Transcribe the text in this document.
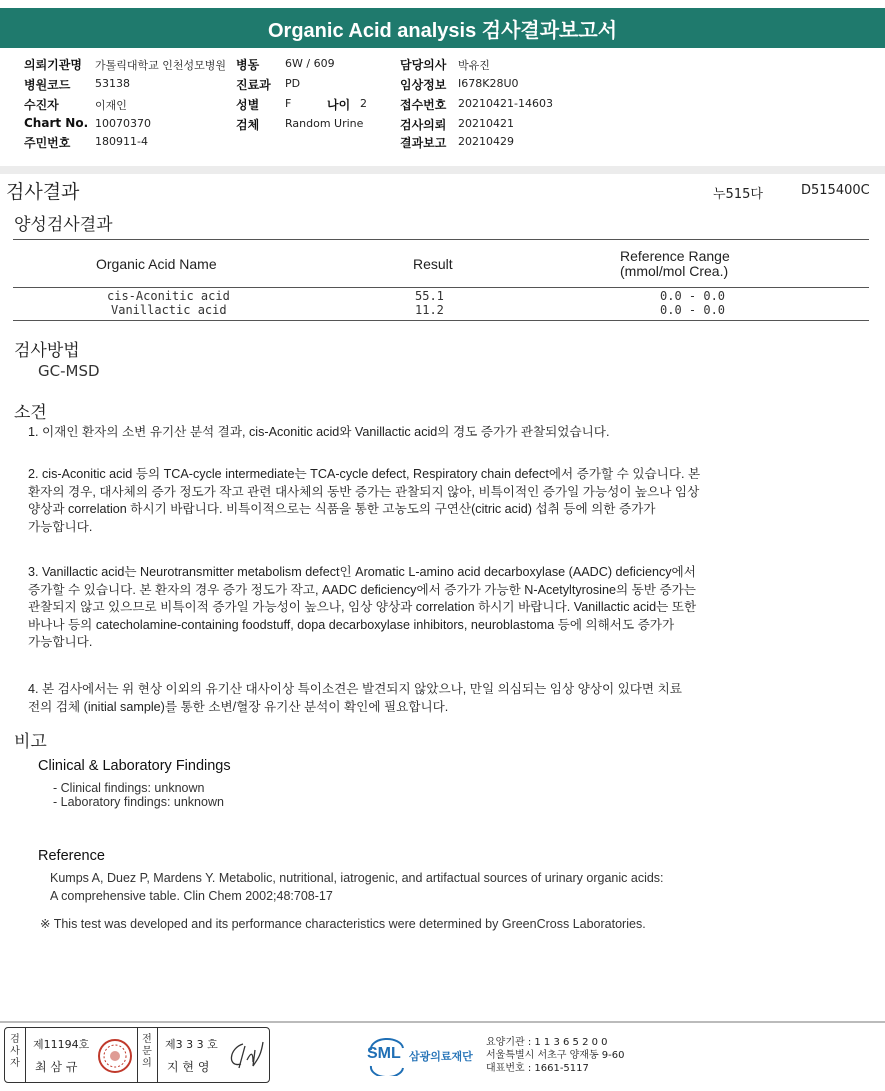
Organic Acid analysis 검사결과보고서
의뢰기관명 가톨릭대학교 인천성모병원 병동 6W / 609	담당의사 박유진
병원코드 53138	진료과 PD	임상정보 I678K28U0
수진자	이재인	성별 F	나이 2	접수번호 20210421-14603
Chart No. 10070370	검체 Random Urine	검사의뢰 20210421
주민번호 180911-4	결과보고 20210429
검사결과	누515다	D515400C
양성검사결과
Organic Acid Name	Result	Reference Range
(mmol/mol Crea.)
cis-Aconitic acid	55.1	0.0 - 0.0
Vanillactic acid	11.2	0.0 - 0.0
검사방법
GC-MSD
소견
1. 이재인 환자의 소변 유기산 분석 결과, cis-Aconitic acid와 Vanillactic acid의 경도 증가가 관찰되었습니다.
2. cis-Aconitic acid 등의 TCA-cycle intermediate는 TCA-cycle defect, Respiratory chain defect에서 증가할 수 있습니다. 본
환자의 경우, 대사체의 증가 정도가 작고 관련 대사체의 동반 증가는 관찰되지 않아, 비특이적인 증가일 가능성이 높으나 임상
양상과 correlation 하시기 바랍니다. 비특이적으로는 식품을 통한 고농도의 구연산(citric acid) 섭취 등에 의한 증가가
가능합니다.
3. Vanillactic acid는 Neurotransmitter metabolism defect인 Aromatic L-amino acid decarboxylase (AADC) deficiency에서
증가할 수 있습니다. 본 환자의 경우 증가 정도가 작고, AADC deficiency에서 증가가 가능한 N-Acetyltyrosine의 동반 증가는
관찰되지 않고 있으므로 비특이적 증가일 가능성이 높으나, 임상 양상과 correlation 하시기 바랍니다. Vanillactic acid는 또한
바나나 등의 catecholamine-containing foodstuff, dopa decarboxylase inhibitors, neuroblastoma 등에 의해서도 증가가
가능합니다.
4. 본 검사에서는 위 현상 이외의 유기산 대사이상 특이소견은 발견되지 않았으나, 만일 의심되는 임상 양상이 있다면 치료
전의 검체 (initial sample)를 통한 소변/혈장 유기산 분석이 확인에 필요합니다.
비고
Clinical & Laboratory Findings
- Clinical findings: unknown
- Laboratory findings: unknown
Reference
Kumps A, Duez P, Mardens Y. Metabolic, nutritional, iatrogenic, and artifactual sources of urinary organic acids:
A comprehensive table. Clin Chem 2002;48:708-17
※ This test was developed and its performance characteristics were determined by GreenCross Laboratories.
검사자
제11194호
최 삼 규
전문의
제3 3 3 호
지 현 영
SML 삼광의료재단
요양기관 : 1 1 3 6 5 2 0 0
서울특별시 서초구 양재동 9-60
대표번호 : 1661-5117
